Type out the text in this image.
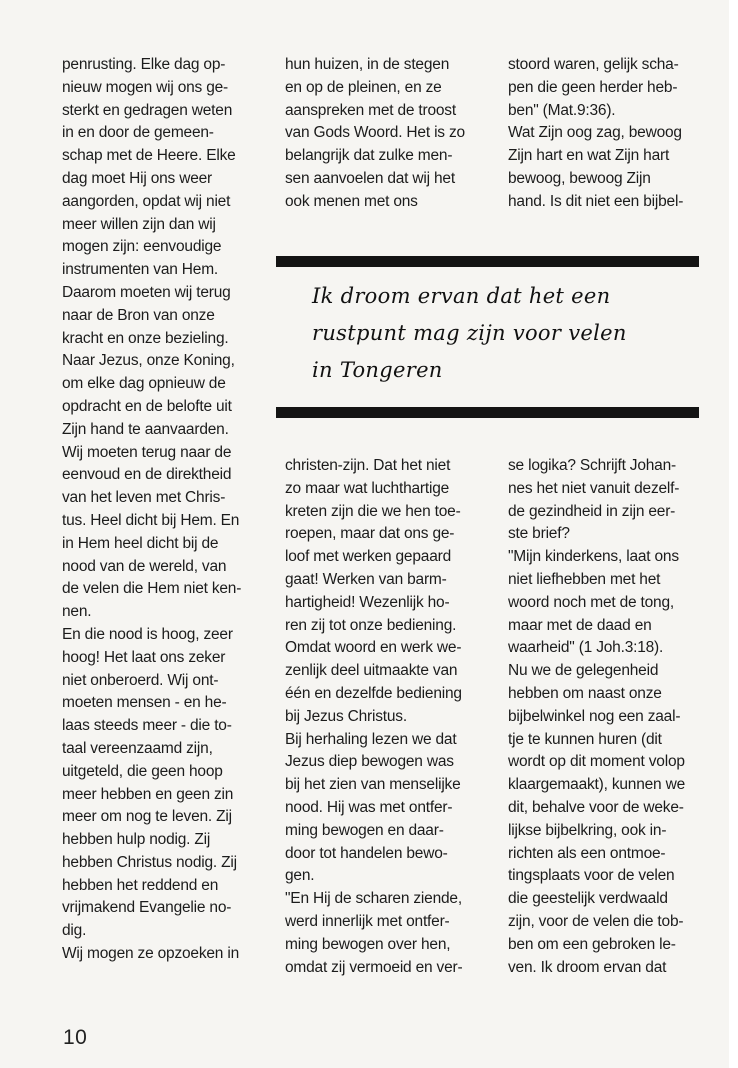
penrusting. Elke dag op-
nieuw mogen wij ons ge-
sterkt en gedragen weten
in en door de gemeen-
schap met de Heere. Elke
dag moet Hij ons weer
aangorden, opdat wij niet
meer willen zijn dan wij
mogen zijn: eenvoudige
instrumenten van Hem.
Daarom moeten wij terug
naar de Bron van onze
kracht en onze bezieling.
Naar Jezus, onze Koning,
om elke dag opnieuw de
opdracht en de belofte uit
Zijn hand te aanvaarden.
Wij moeten terug naar de
eenvoud en de direktheid
van het leven met Chris-
tus. Heel dicht bij Hem. En
in Hem heel dicht bij de
nood van de wereld, van
de velen die Hem niet ken-
nen.
En die nood is hoog, zeer
hoog! Het laat ons zeker
niet onberoerd. Wij ont-
moeten mensen - en he-
laas steeds meer - die to-
taal vereenzaamd zijn,
uitgeteld, die geen hoop
meer hebben en geen zin
meer om nog te leven. Zij
hebben hulp nodig. Zij
hebben Christus nodig. Zij
hebben het reddend en
vrijmakend Evangelie no-
dig.
Wij mogen ze opzoeken in
hun huizen, in de stegen
en op de pleinen, en ze
aanspreken met de troost
van Gods Woord. Het is zo
belangrijk dat zulke men-
sen aanvoelen dat wij het
ook menen met ons
stoord waren, gelijk scha-
pen die geen herder heb-
ben" (Mat.9:36).
Wat Zijn oog zag, bewoog
Zijn hart en wat Zijn hart
bewoog, bewoog Zijn
hand. Is dit niet een bijbel-
Ik droom ervan dat het een
rustpunt mag zijn voor velen
in Tongeren
christen-zijn. Dat het niet
zo maar wat luchthartige
kreten zijn die we hen toe-
roepen, maar dat ons ge-
loof met werken gepaard
gaat! Werken van barm-
hartigheid! Wezenlijk ho-
ren zij tot onze bediening.
Omdat woord en werk we-
zenlijk deel uitmaakte van
één en dezelfde bediening
bij Jezus Christus.
Bij herhaling lezen we dat
Jezus diep bewogen was
bij het zien van menselijke
nood. Hij was met ontfer-
ming bewogen en daar-
door tot handelen bewo-
gen.
"En Hij de scharen ziende,
werd innerlijk met ontfer-
ming bewogen over hen,
omdat zij vermoeid en ver-
se logika? Schrijft Johan-
nes het niet vanuit dezelf-
de gezindheid in zijn eer-
ste brief?
"Mijn kinderkens, laat ons
niet liefhebben met het
woord noch met de tong,
maar met de daad en
waarheid" (1 Joh.3:18).
Nu we de gelegenheid
hebben om naast onze
bijbelwinkel nog een zaal-
tje te kunnen huren (dit
wordt op dit moment volop
klaargemaakt), kunnen we
dit, behalve voor de weke-
lijkse bijbelkring, ook in-
richten als een ontmoe-
tingsplaats voor de velen
die geestelijk verdwaald
zijn, voor de velen die tob-
ben om een gebroken le-
ven. Ik droom ervan dat
10
